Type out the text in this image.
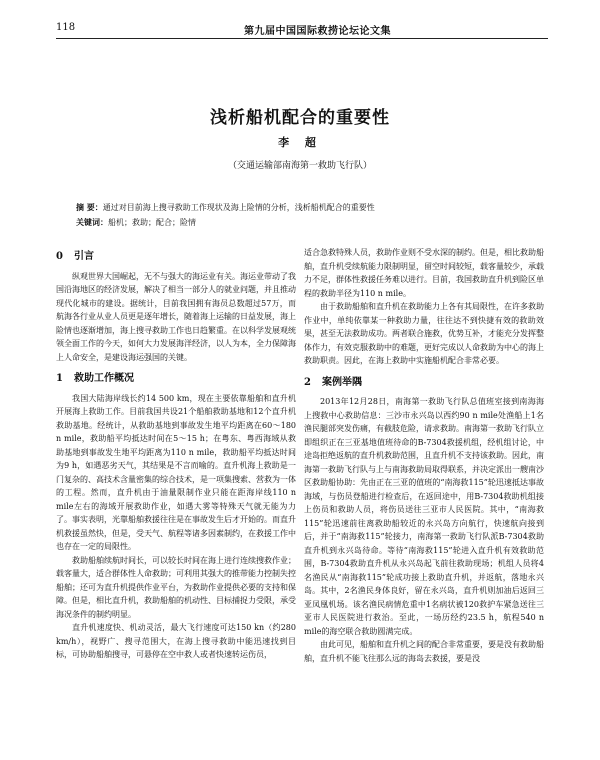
118	第九届中国国际救捞论坛论文集
浅析船机配合的重要性
李 超
（交通运输部南海第一救助飞行队）
摘 要：通过对目前海上搜寻救助工作现状及海上险情的分析，浅析船机配合的重要性
关键词：船机；救助；配合；险情
0 引言

纵观世界大国崛起，无不与强大的海运业有关。海运业带动了我国沿海地区的经济发展，解决了相当一部分人的就业问题，并且推动现代化城市的建设。据统计，目前我国拥有海员总数超过57万，而航海各行业从业人员更是逐年增长，随着海上运输的日益发展，海上险情也逐渐增加，海上搜寻救助工作也日趋繁重。在以科学发展观统领全面工作的今天，如何大力发展海洋经济，以人为本，全力保障海上人命安全，是建设海运强国的关键。

1 救助工作概况

我国大陆海岸线长约14 500 km，现在主要依靠船舶和直升机开展海上救助工作。目前我国共设21个船舶救助基地和12个直升机救助基地。经统计，从救助基地到事故发生地平均距离在60～180 n mile，救助船平均抵达时间在5～15 h；在粤东、粤西海域从救助基地到事故发生地平均距离为110 n mile，救助船平均抵达时间为9 h，如遇恶劣天气，其结果是不言而喻的。直升机海上救助是一门复杂的、高技术含量密集的综合技术，是一项集搜索、营救为一体的工程。然而，直升机由于油量限制作业只能在距海岸线110 n mile左右的海域开展救助作业，如遇大雾等特殊天气就无能为力了。事实表明，光靠船舶救援往往是在事故发生后才开始的。而直升机救援虽然快，但是，受天气、航程等诸多因素制约，在救援工作中也存在一定的局限性。

救助船舶续航时间长，可以较长时间在海上进行连续搜救作业；载客量大，适合群体性人命救助；可利用其强大的推带能力控制失控船舶；还可为直升机提供作业平台，为救助作业提供必要的支持和保障。但是，相比直升机，救助船舶的机动性、目标捕捉力受限，承受海况条件的制约明显。

直升机速度快、机动灵活，最大飞行速度可达150 kn（约280 km/h），视野广、搜寻范围大，在海上搜寻救助中能迅速找到目标，可协助船舶搜寻，可悬停在空中救人或者快速转运伤员，

适合急救特殊人员，救助作业则不受水深的制约。但是，相比救助船舶，直升机受续航能力限制明显，留空时间较短，载客量较少，承载力不足，群体性救援任务难以进行。目前，我国救助直升机到险区单程的救助半径为110 n mile。

由于救助船舶和直升机在救助能力上各有其局限性，在许多救助作业中，单纯依靠某一种救助力量，往往达不到快捷有效的救助效果，甚至无法救助成功。两者联合施救，优势互补，才能充分发挥整体作力，有效克服救助中的难题，更好完成以人命救助为中心的海上救助职责。因此，在海上救助中实施船机配合非常必要。

2 案例举隅

2013年12月28日，南海第一救助飞行队总值班室接到南海海上搜救中心救助信息：三沙市永兴岛以西约90 n mile处渔船上1名渔民腿部突发伤痛，有截肢危险，请求救助。南海第一救助飞行队立即组织正在三亚基地值班待命的B-7304救援机组，经机组讨论，中途岛拒绝返航的直升机救助范围，且直升机不支持该救助。因此，南海第一救助飞行队与上与南海救助局取得联系，并决定派出一艘南沙区救助船协助：先由正在三亚的值班的“南海救115”轮迅速抵达事故海域，与伤员登船进行检查后，在返回途中，用B-7304救助机组接上伤员和救助人员，将伤员送往三亚市人民医院。其中，“南海救115”轮迅速前往离救助船较近的永兴岛方向航行，快速航向接到后，并于“南海救115”轮接力，南海第一救助飞行队派B-7304救助直升机到永兴岛待命。等待“南海救115”轮进入直升机有效救助范围，B-7304救助直升机从永兴岛起飞前往救助现场；机组人员将4名渔民从“南海救115”轮成功接上救助直升机，并返航，落地永兴岛。其中，2名渔民身体良好，留在永兴岛，直升机则加油后返回三亚凤凰机场。该名渔民病情危重中1名病状被120救护车紧急送往三亚市人民医院进行救治。至此，一场历经约23.5 h，航程540 n mile的海空联合救助圆满完成。

由此可见，船舶和直升机之间的配合非常重要，要是没有救助船舶，直升机不能飞往那么远的海岛去救援，要是没
